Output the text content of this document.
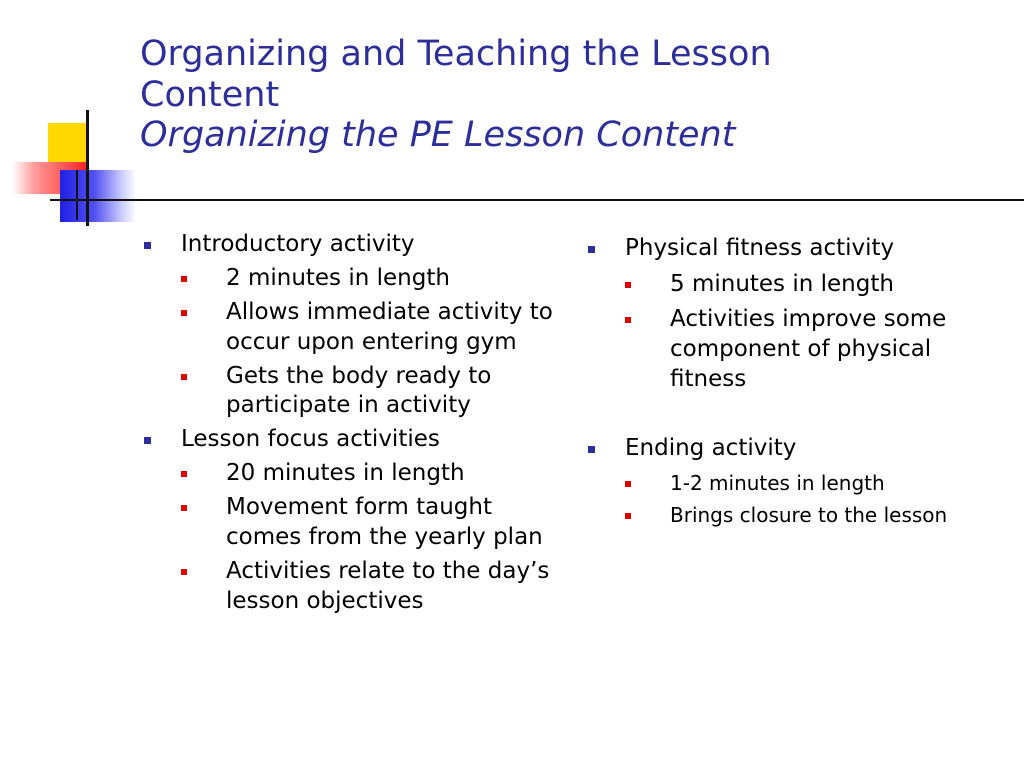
Organizing and Teaching the Lesson
Content
Organizing the PE Lesson Content
Introductory activity
2 minutes in length
Allows immediate activity to occur upon entering gym
Gets the body ready to participate in activity
Lesson focus activities
20 minutes in length
Movement form taught comes from the yearly plan
Activities relate to the day’s lesson objectives
Physical fitness activity
5 minutes in length
Activities improve some component of physical fitness
Ending activity
1-2 minutes in length
Brings closure to the lesson
